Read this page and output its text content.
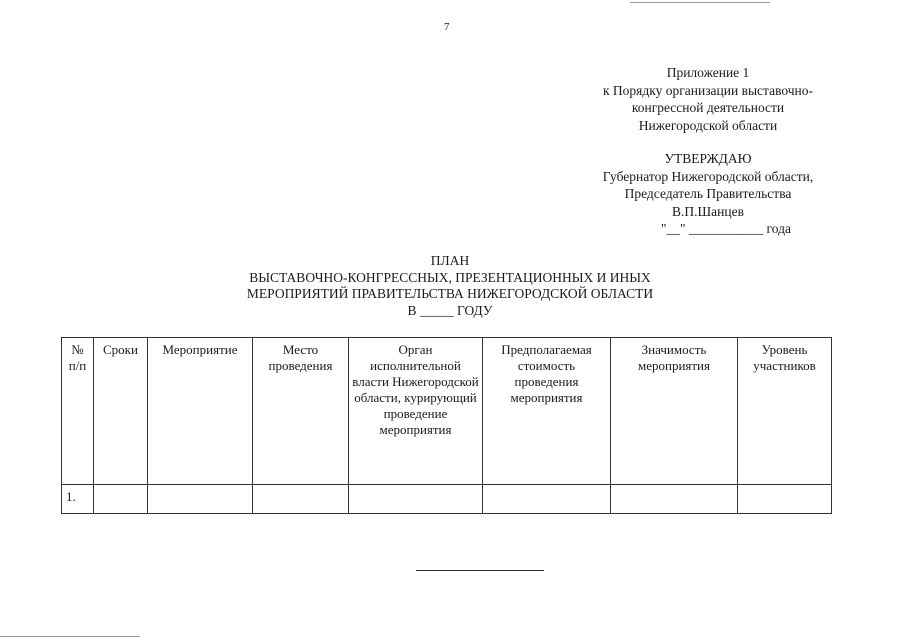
7
Приложение 1
к Порядку организации выставочно-
конгрессной деятельности
Нижегородской области
УТВЕРЖДАЮ
Губернатор Нижегородской области,
Председатель Правительства
В.П.Шанцев
"__" ___________ года
ПЛАН
ВЫСТАВОЧНО-КОНГРЕССНЫХ, ПРЕЗЕНТАЦИОННЫХ И ИНЫХ
МЕРОПРИЯТИЙ ПРАВИТЕЛЬСТВА НИЖЕГОРОДСКОЙ ОБЛАСТИ
В _____ ГОДУ
№ п/п	Сроки	Мероприятие	Место проведения	Орган исполнительной власти Нижегородской области, курирующий проведение мероприятия	Предполагаемая стоимость проведения мероприятия	Значимость мероприятия	Уровень участников
1.							
